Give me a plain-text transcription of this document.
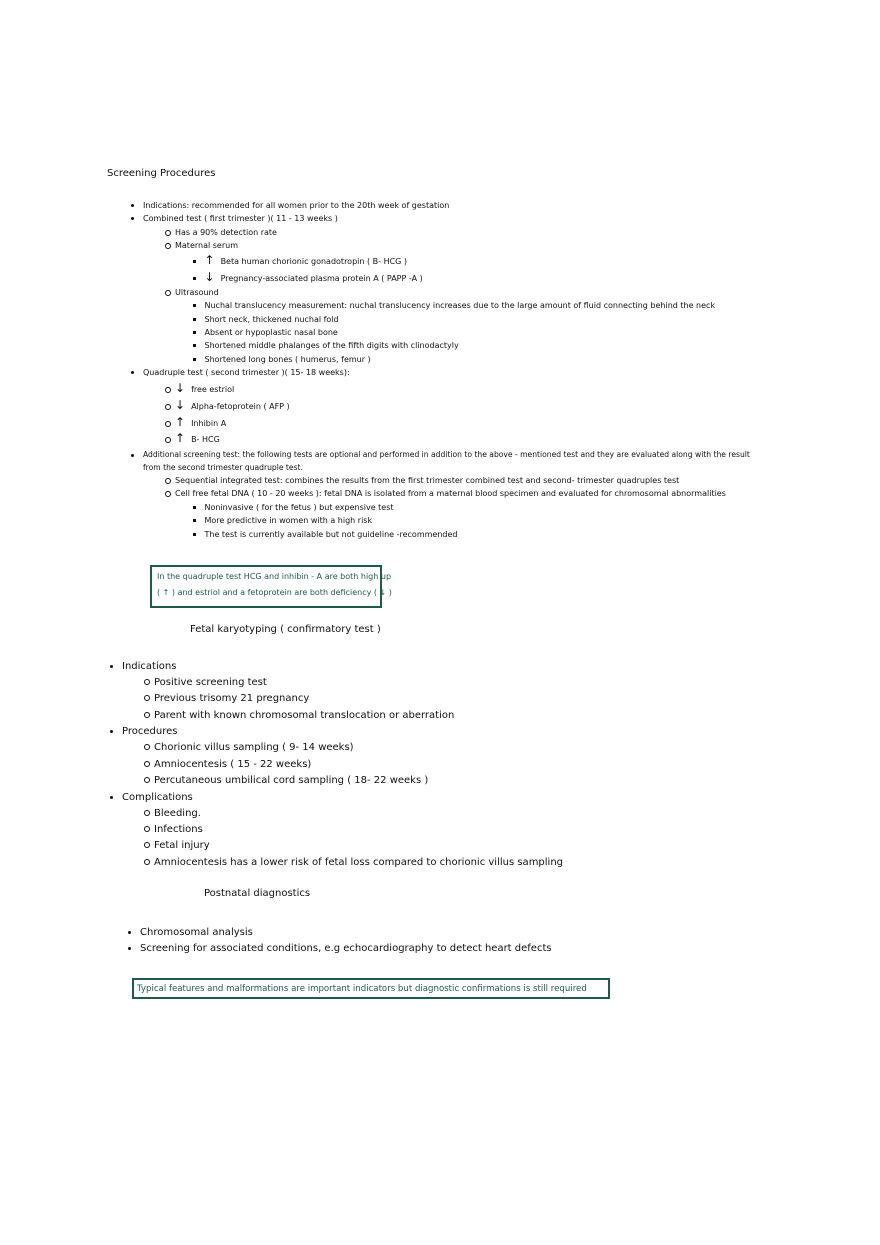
Screening Procedures
Indications: recommended for all women prior to the 20th week of gestation
Combined test ( first trimester )( 11 - 13 weeks )
Has a 90% detection rate
Maternal serum
↑ Beta human chorionic gonadotropin ( B- HCG )
↓ Pregnancy-associated plasma protein A ( PAPP -A )
Ultrasound
Nuchal translucency measurement: nuchal translucency increases due to the large amount of fluid connecting behind the neck
Short neck, thickened nuchal fold
Absent or hypoplastic nasal bone
Shortened middle phalanges of the fifth digits with clinodactyly
Shortened long bones ( humerus, femur )
Quadruple test ( second trimester )( 15- 18 weeks):
↓ free estriol
↓ Alpha-fetoprotein ( AFP )
↑ Inhibin A
↑ B- HCG
Additional screening test: the following tests are optional and performed in addition to the above - mentioned test and they are evaluated along with the result
from the second trimester quadruple test.
Sequential integrated test: combines the results from the first trimester combined test and second- trimester quadruples test
Cell free fetal DNA ( 10 - 20 weeks ): fetal DNA is isolated from a maternal blood specimen and evaluated for chromosomal abnormalities
Noninvasive ( for the fetus ) but expensive test
More predictive in women with a high risk
The test is currently available but not guideline -recommended
In the quadruple test HCG and inhibin - A are both high up
( ↑ ) and estriol and a fetoprotein are both deficiency ( ↓ )
Fetal karyotyping ( confirmatory test )
Indications
Positive screening test
Previous trisomy 21 pregnancy
Parent with known chromosomal translocation or aberration
Procedures
Chorionic villus sampling ( 9- 14 weeks)
Amniocentesis ( 15 - 22 weeks)
Percutaneous umbilical cord sampling ( 18- 22 weeks )
Complications
Bleeding.
Infections
Fetal injury
Amniocentesis has a lower risk of fetal loss compared to chorionic villus sampling
Postnatal diagnostics
Chromosomal analysis
Screening for associated conditions, e.g echocardiography to detect heart defects
Typical features and malformations are important indicators but diagnostic confirmations is still required
